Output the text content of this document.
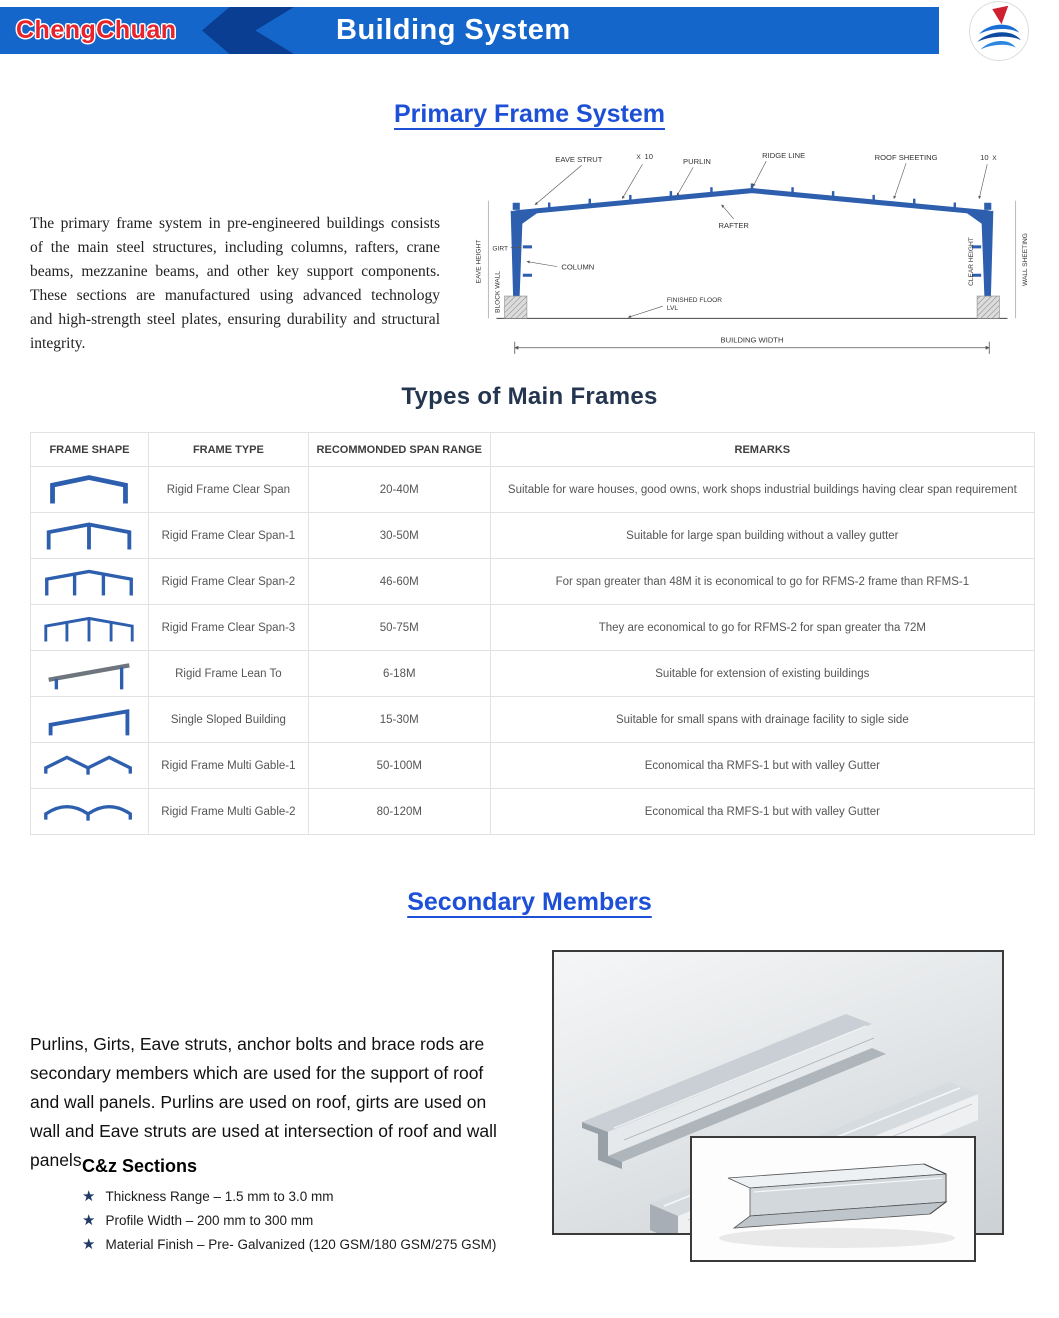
ChengChuan	Building System
Primary Frame System

The primary frame system in pre-engineered buildings consists of the main steel structures, including columns, rafters, crane beams, mezzanine beams, and other key support components. These sections are manufactured using advanced technology and high-strength steel plates, ensuring durability and structural integrity.	BUILDING WIDTH
EAVE STRUT	X 10
PURLIN
RIDGE LINE	ROOF SHEETING	10 X
RAFTER
GIRT
COLUMN
EAVE HEIGHT
BLOCK WALL
CLEAR HEIGHT	WALL SHEETING
FINISHED FLOOR
LVL
Types of Main Frames
FRAME SHAPE	FRAME TYPE	RECOMMONDED SPAN RANGE	REMARKS

	Rigid Frame Clear Span	20-40M	Suitable for ware houses, good owns, work shops industrial buildings having clear span requirement

	Rigid Frame Clear Span-1	30-50M	Suitable for large span building without a valley gutter

	Rigid Frame Clear Span-2	46-60M	For span greater than 48M it is economical to go for RFMS-2 frame than RFMS-1

	Rigid Frame Clear Span-3	50-75M	They are economical to go for RFMS-2 for span greater tha 72M

	Rigid Frame Lean To	6-18M	Suitable for extension of existing buildings

	Single Sloped Building	15-30M	Suitable for small spans with drainage facility to sigle side

	Rigid Frame Multi Gable-1	50-100M	Economical tha RMFS-1 but with valley Gutter

	Rigid Frame Multi Gable-2	80-120M	Economical tha RMFS-1 but with valley Gutter
Secondary Members

Purlins, Girts, Eave struts, anchor bolts and brace rods are secondary members which are used for the support of roof and wall panels. Purlins are used on roof, girts are used on wall and Eave struts are used at intersection of roof and wall panels.

C&z Sections
★ Thickness Range – 1.5 mm to 3.0 mm
★ Profile Width – 200 mm to 300 mm
★ Material Finish – Pre- Galvanized (120 GSM/180 GSM/275 GSM)
